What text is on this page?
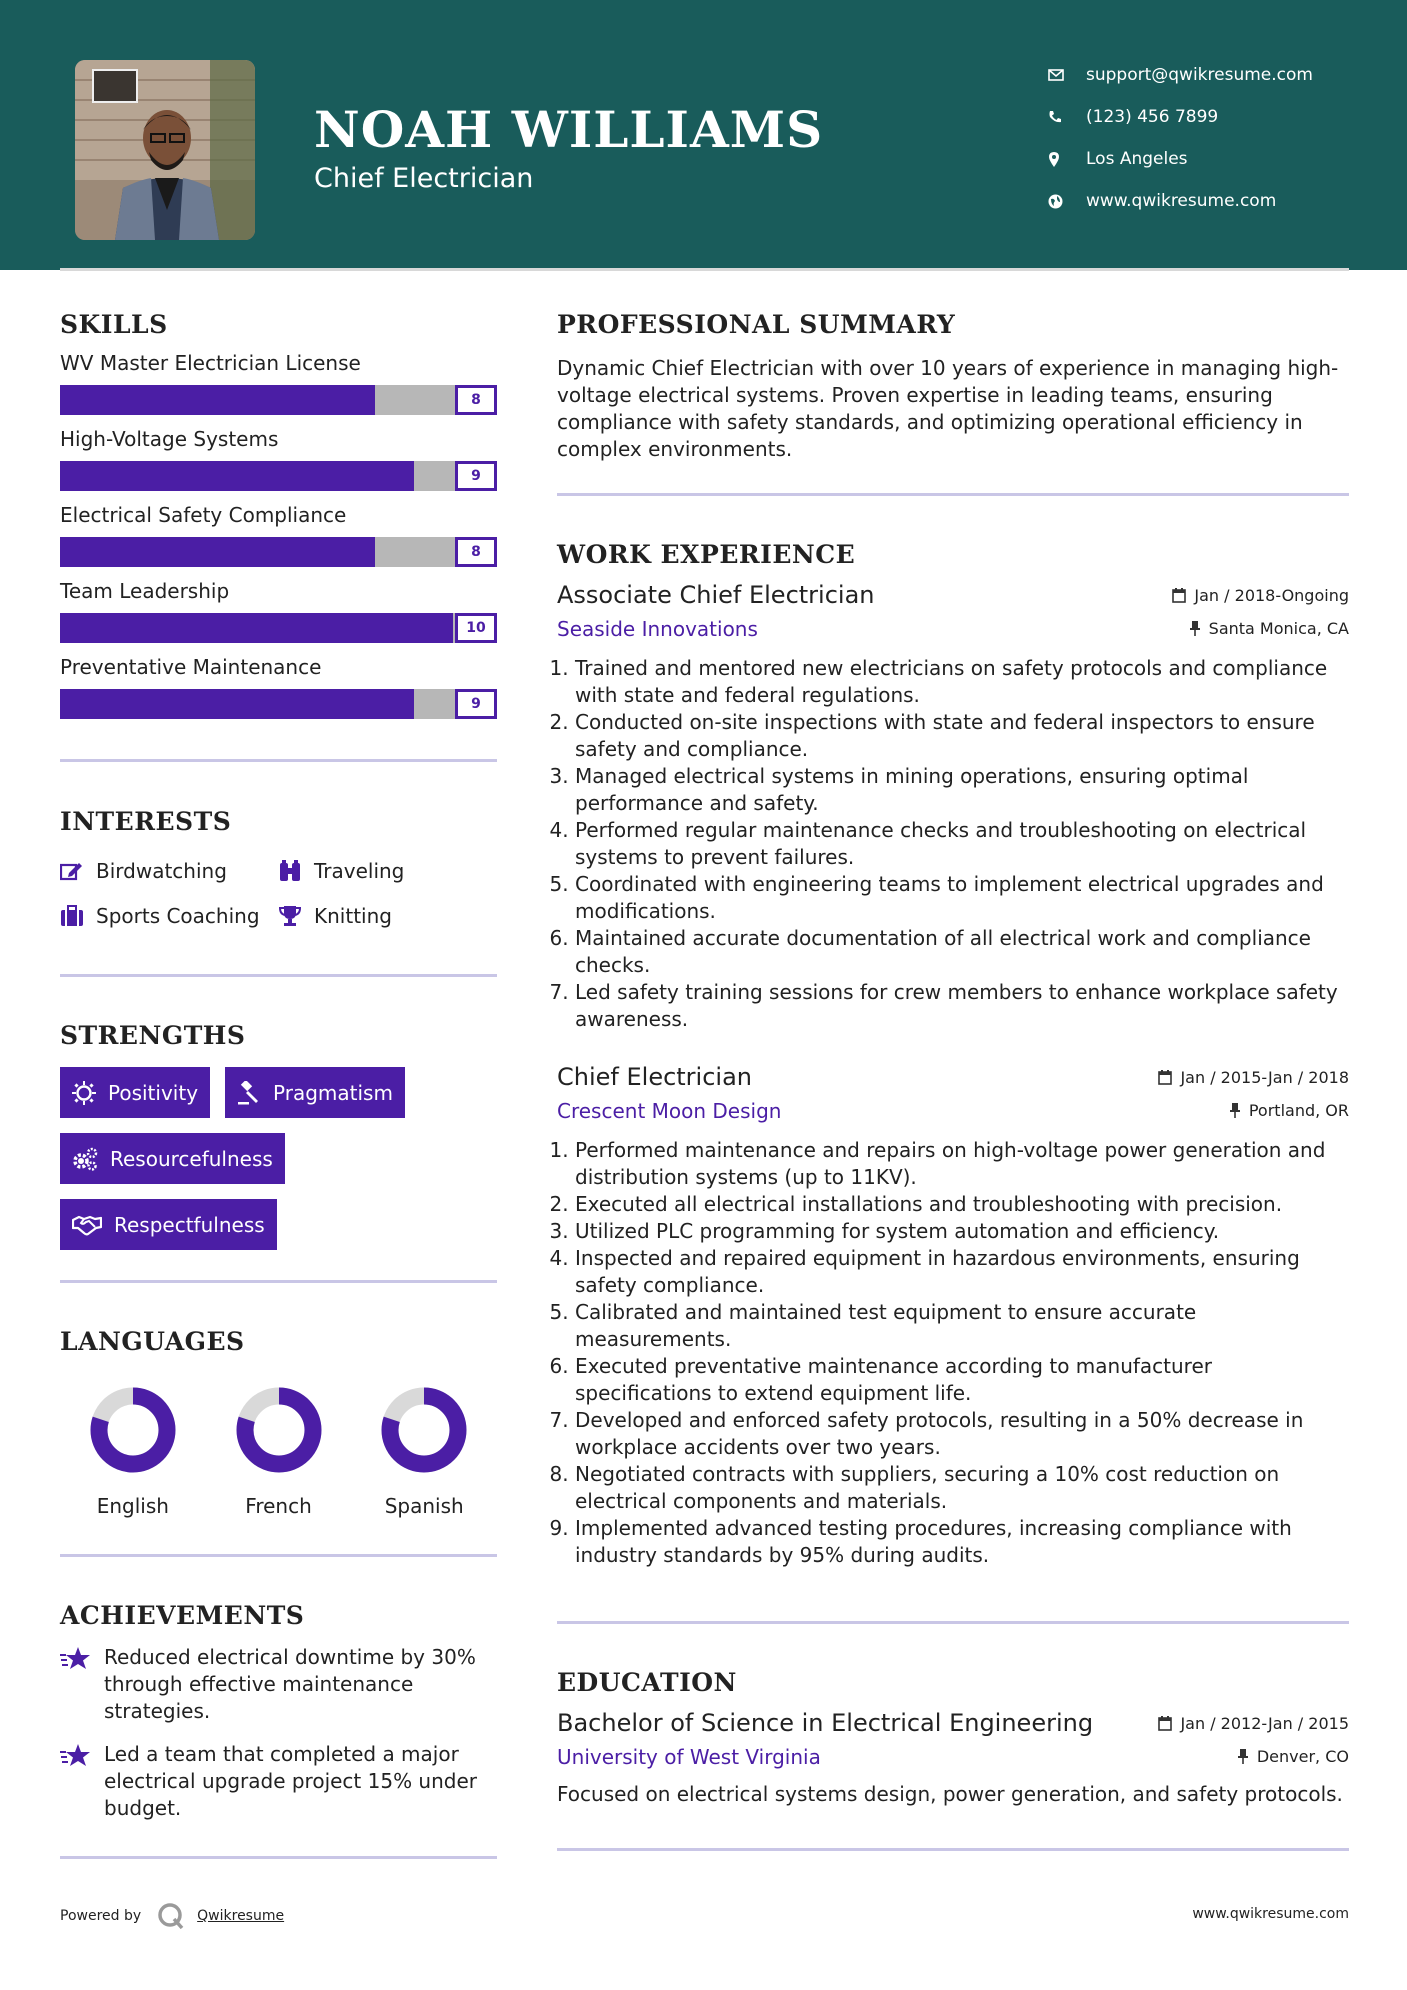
NOAH WILLIAMS
Chief Electrician
support@qwikresume.com
(123) 456 7899
Los Angeles
www.qwikresume.com
SKILLS
WV Master Electrician License
8
High-Voltage Systems
9
Electrical Safety Compliance
8
Team Leadership
10
Preventative Maintenance
9
INTERESTS
Birdwatching	Traveling
Sports Coaching	Knitting
STRENGTHS
Positivity	Pragmatism
Resourcefulness
Respectfulness
LANGUAGES
English	French	Spanish
ACHIEVEMENTS
Reduced electrical downtime by 30% through effective maintenance strategies.
Led a team that completed a major electrical upgrade project 15% under budget.
PROFESSIONAL SUMMARY
Dynamic Chief Electrician with over 10 years of experience in managing high-voltage electrical systems. Proven expertise in leading teams, ensuring compliance with safety standards, and optimizing operational efficiency in complex environments.
WORK EXPERIENCE
Associate Chief Electrician	Jan / 2018-Ongoing
Seaside Innovations	Santa Monica, CA
1. Trained and mentored new electricians on safety protocols and compliance with state and federal regulations.
2. Conducted on-site inspections with state and federal inspectors to ensure safety and compliance.
3. Managed electrical systems in mining operations, ensuring optimal performance and safety.
4. Performed regular maintenance checks and troubleshooting on electrical systems to prevent failures.
5. Coordinated with engineering teams to implement electrical upgrades and modifications.
6. Maintained accurate documentation of all electrical work and compliance checks.
7. Led safety training sessions for crew members to enhance workplace safety awareness.
Chief Electrician	Jan / 2015-Jan / 2018
Crescent Moon Design	Portland, OR
1. Performed maintenance and repairs on high-voltage power generation and distribution systems (up to 11KV).
2. Executed all electrical installations and troubleshooting with precision.
3. Utilized PLC programming for system automation and efficiency.
4. Inspected and repaired equipment in hazardous environments, ensuring safety compliance.
5. Calibrated and maintained test equipment to ensure accurate measurements.
6. Executed preventative maintenance according to manufacturer specifications to extend equipment life.
7. Developed and enforced safety protocols, resulting in a 50% decrease in workplace accidents over two years.
8. Negotiated contracts with suppliers, securing a 10% cost reduction on electrical components and materials.
9. Implemented advanced testing procedures, increasing compliance with industry standards by 95% during audits.
EDUCATION
Bachelor of Science in Electrical Engineering	Jan / 2012-Jan / 2015
University of West Virginia	Denver, CO
Focused on electrical systems design, power generation, and safety protocols.
Powered by	Qwikresume	www.qwikresume.com
